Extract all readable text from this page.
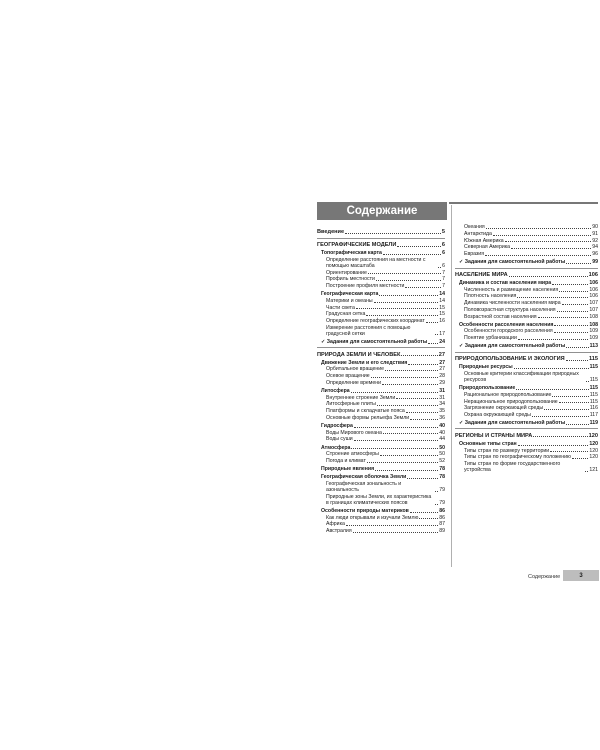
Содержание
Введение	5
ГЕОГРАФИЧЕСКИЕ МОДЕЛИ	6
Топографическая карта	6
Определение расстояния на местности с помощью масштаба	6
Ориентирование	7
Профиль местности	7
Построение профиля местности	7
Географическая карта	14
Материки и океаны	14
Части света	15
Градусная сетка	15
Определение географических координат	16
Измерение расстояния с помощью градусной сетки	17
✓ Задания для самостоятельной работы 24
ПРИРОДА ЗЕМЛИ И ЧЕЛОВЕК	27
Движение Земли и его следствия	27
Орбитальное вращение	27
Осевое вращение	28
Определение времени	29
Литосфера	31
Внутреннее строение Земли	31
Литосферные плиты	34
Платформы и складчатые пояса	35
Основные формы рельефа Земли	36
Гидросфера	40
Воды Мирового океана	40
Воды суши	44
Атмосфера	50
Строение атмосферы	50
Погода и климат	52
Природные явления	78
Географическая оболочка Земли	78
Географическая зональность и азональность	79
Природные зоны Земли, их характеристика в границах климатических поясов	79
Особенности природы материков	86
Как люди открывали и изучали Землю	86
Африка	87
Австралия	89
Океания	90
Антарктида	91
Южная Америка	92
Северная Америка	94
Евразия	96
✓ Задания для самостоятельной работы	99
НАСЕЛЕНИЕ МИРА	106
Динамика и состав населения мира	106
Численность и размещение населения	106
Плотность населения	106
Динамика численности населения мира	107
Половозрастная структура населения	107
Возрастной состав населения	108
Особенности расселения населения	108
Особенности городского расселения	109
Понятие урбанизации	109
✓ Задания для самостоятельной работы	113
ПРИРОДОПОЛЬЗОВАНИЕ И ЭКОЛОГИЯ	115
Природные ресурсы	115
Основные критерии классификации природных ресурсов	115
Природопользование	115
Рациональное природопользование	115
Нерациональное природопользование	115
Загрязнение окружающей среды	116
Охрана окружающей среды	117
✓ Задания для самостоятельной работы	119
РЕГИОНЫ И СТРАНЫ МИРА	120
Основные типы стран	120
Типы стран по размеру территории	120
Типы стран по географическому положению	120
Типы стран по форме государственного устройства	121
Содержание	3
